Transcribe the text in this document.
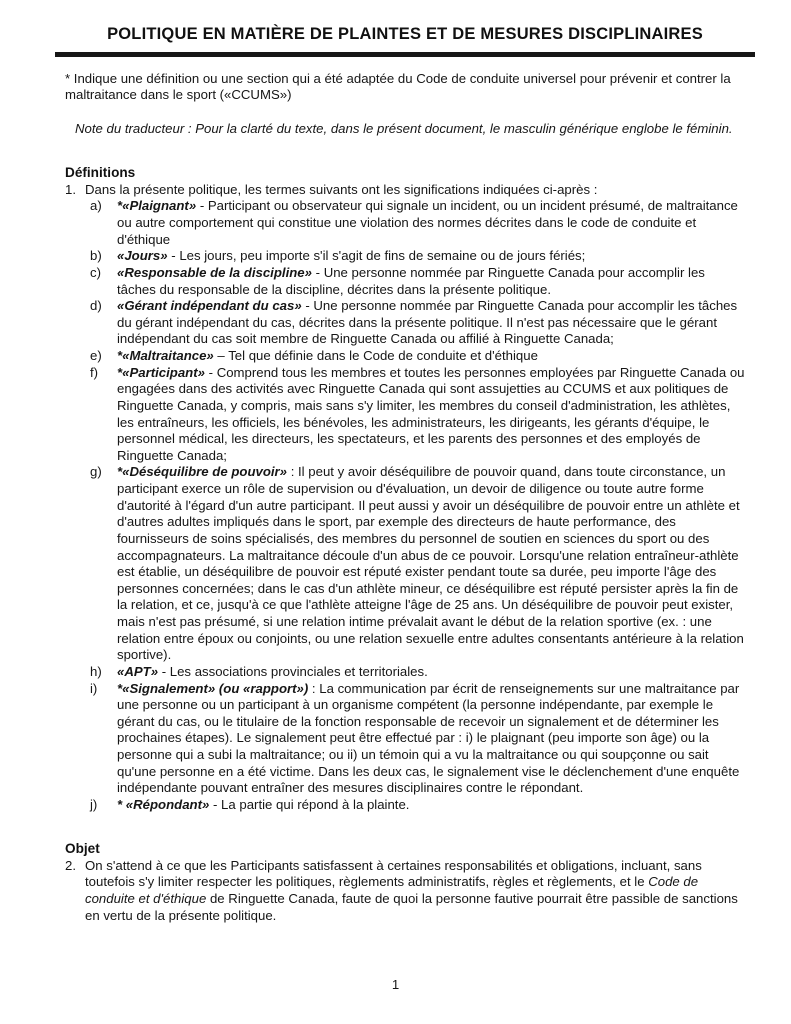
POLITIQUE EN MATIÈRE DE PLAINTES ET DE MESURES DISCIPLINAIRES

* Indique une définition ou une section qui a été adaptée du Code de conduite universel pour prévenir et contrer la maltraitance dans le sport («CCUMS»)

Note du traducteur : Pour la clarté du texte, dans le présent document, le masculin générique englobe le féminin.

Définitions
1. Dans la présente politique, les termes suivants ont les significations indiquées ci-après :

a)	*«Plaignant» - Participant ou observateur qui signale un incident, ou un incident présumé, de maltraitance ou autre comportement qui constitue une violation des normes décrites dans le code de conduite et d'éthique
b)	«Jours» - Les jours, peu importe s'il s'agit de fins de semaine ou de jours fériés;
c)	«Responsable de la discipline» - Une personne nommée par Ringuette Canada pour accomplir les tâches du responsable de la discipline, décrites dans la présente politique.
d)	«Gérant indépendant du cas» - Une personne nommée par Ringuette Canada pour accomplir les tâches du gérant indépendant du cas, décrites dans la présente politique. Il n'est pas nécessaire que le gérant indépendant du cas soit membre de Ringuette Canada ou affilié à Ringuette Canada;
e)	*«Maltraitance» – Tel que définie dans le Code de conduite et d'éthique
f)	*«Participant» - Comprend tous les membres et toutes les personnes employées par Ringuette Canada ou engagées dans des activités avec Ringuette Canada qui sont assujetties au CCUMS et aux politiques de Ringuette Canada, y compris, mais sans s'y limiter, les membres du conseil d'administration, les athlètes, les entraîneurs, les officiels, les bénévoles, les administrateurs, les dirigeants, les gérants d'équipe, le personnel médical, les directeurs, les spectateurs, et les parents des personnes et des employés de Ringuette Canada;
g)	*«Déséquilibre de pouvoir» : Il peut y avoir déséquilibre de pouvoir quand, dans toute circonstance, un participant exerce un rôle de supervision ou d'évaluation, un devoir de diligence ou toute autre forme d'autorité à l'égard d'un autre participant. Il peut aussi y avoir un déséquilibre de pouvoir entre un athlète et d'autres adultes impliqués dans le sport, par exemple des directeurs de haute performance, des fournisseurs de soins spécialisés, des membres du personnel de soutien en sciences du sport ou des accompagnateurs. La maltraitance découle d'un abus de ce pouvoir. Lorsqu'une relation entraîneur-athlète est établie, un déséquilibre de pouvoir est réputé exister pendant toute sa durée, peu importe l'âge des personnes concernées; dans le cas d'un athlète mineur, ce déséquilibre est réputé persister après la fin de la relation, et ce, jusqu'à ce que l'athlète atteigne l'âge de 25 ans. Un déséquilibre de pouvoir peut exister, mais n'est pas présumé, si une relation intime prévalait avant le début de la relation sportive (ex. : une relation entre époux ou conjoints, ou une relation sexuelle entre adultes consentants antérieure à la relation sportive).
h)	«APT» - Les associations provinciales et territoriales.
i)	*«Signalement» (ou «rapport») : La communication par écrit de renseignements sur une maltraitance par une personne ou un participant à un organisme compétent (la personne indépendante, par exemple le gérant du cas, ou le titulaire de la fonction responsable de recevoir un signalement et de déterminer les prochaines étapes). Le signalement peut être effectué par : i) le plaignant (peu importe son âge) ou la personne qui a subi la maltraitance; ou ii) un témoin qui a vu la maltraitance ou qui soupçonne ou sait qu'une personne en a été victime. Dans les deux cas, le signalement vise le déclenchement d'une enquête indépendante pouvant entraîner des mesures disciplinaires contre le répondant.
j)	* «Répondant» - La partie qui répond à la plainte.
Objet
2. On s'attend à ce que les Participants satisfassent à certaines responsabilités et obligations, incluant, sans toutefois s'y limiter respecter les politiques, règlements administratifs, règles et règlements, et le Code de conduite et d'éthique de Ringuette Canada, faute de quoi la personne fautive pourrait être passible de sanctions en vertu de la présente politique.

1
